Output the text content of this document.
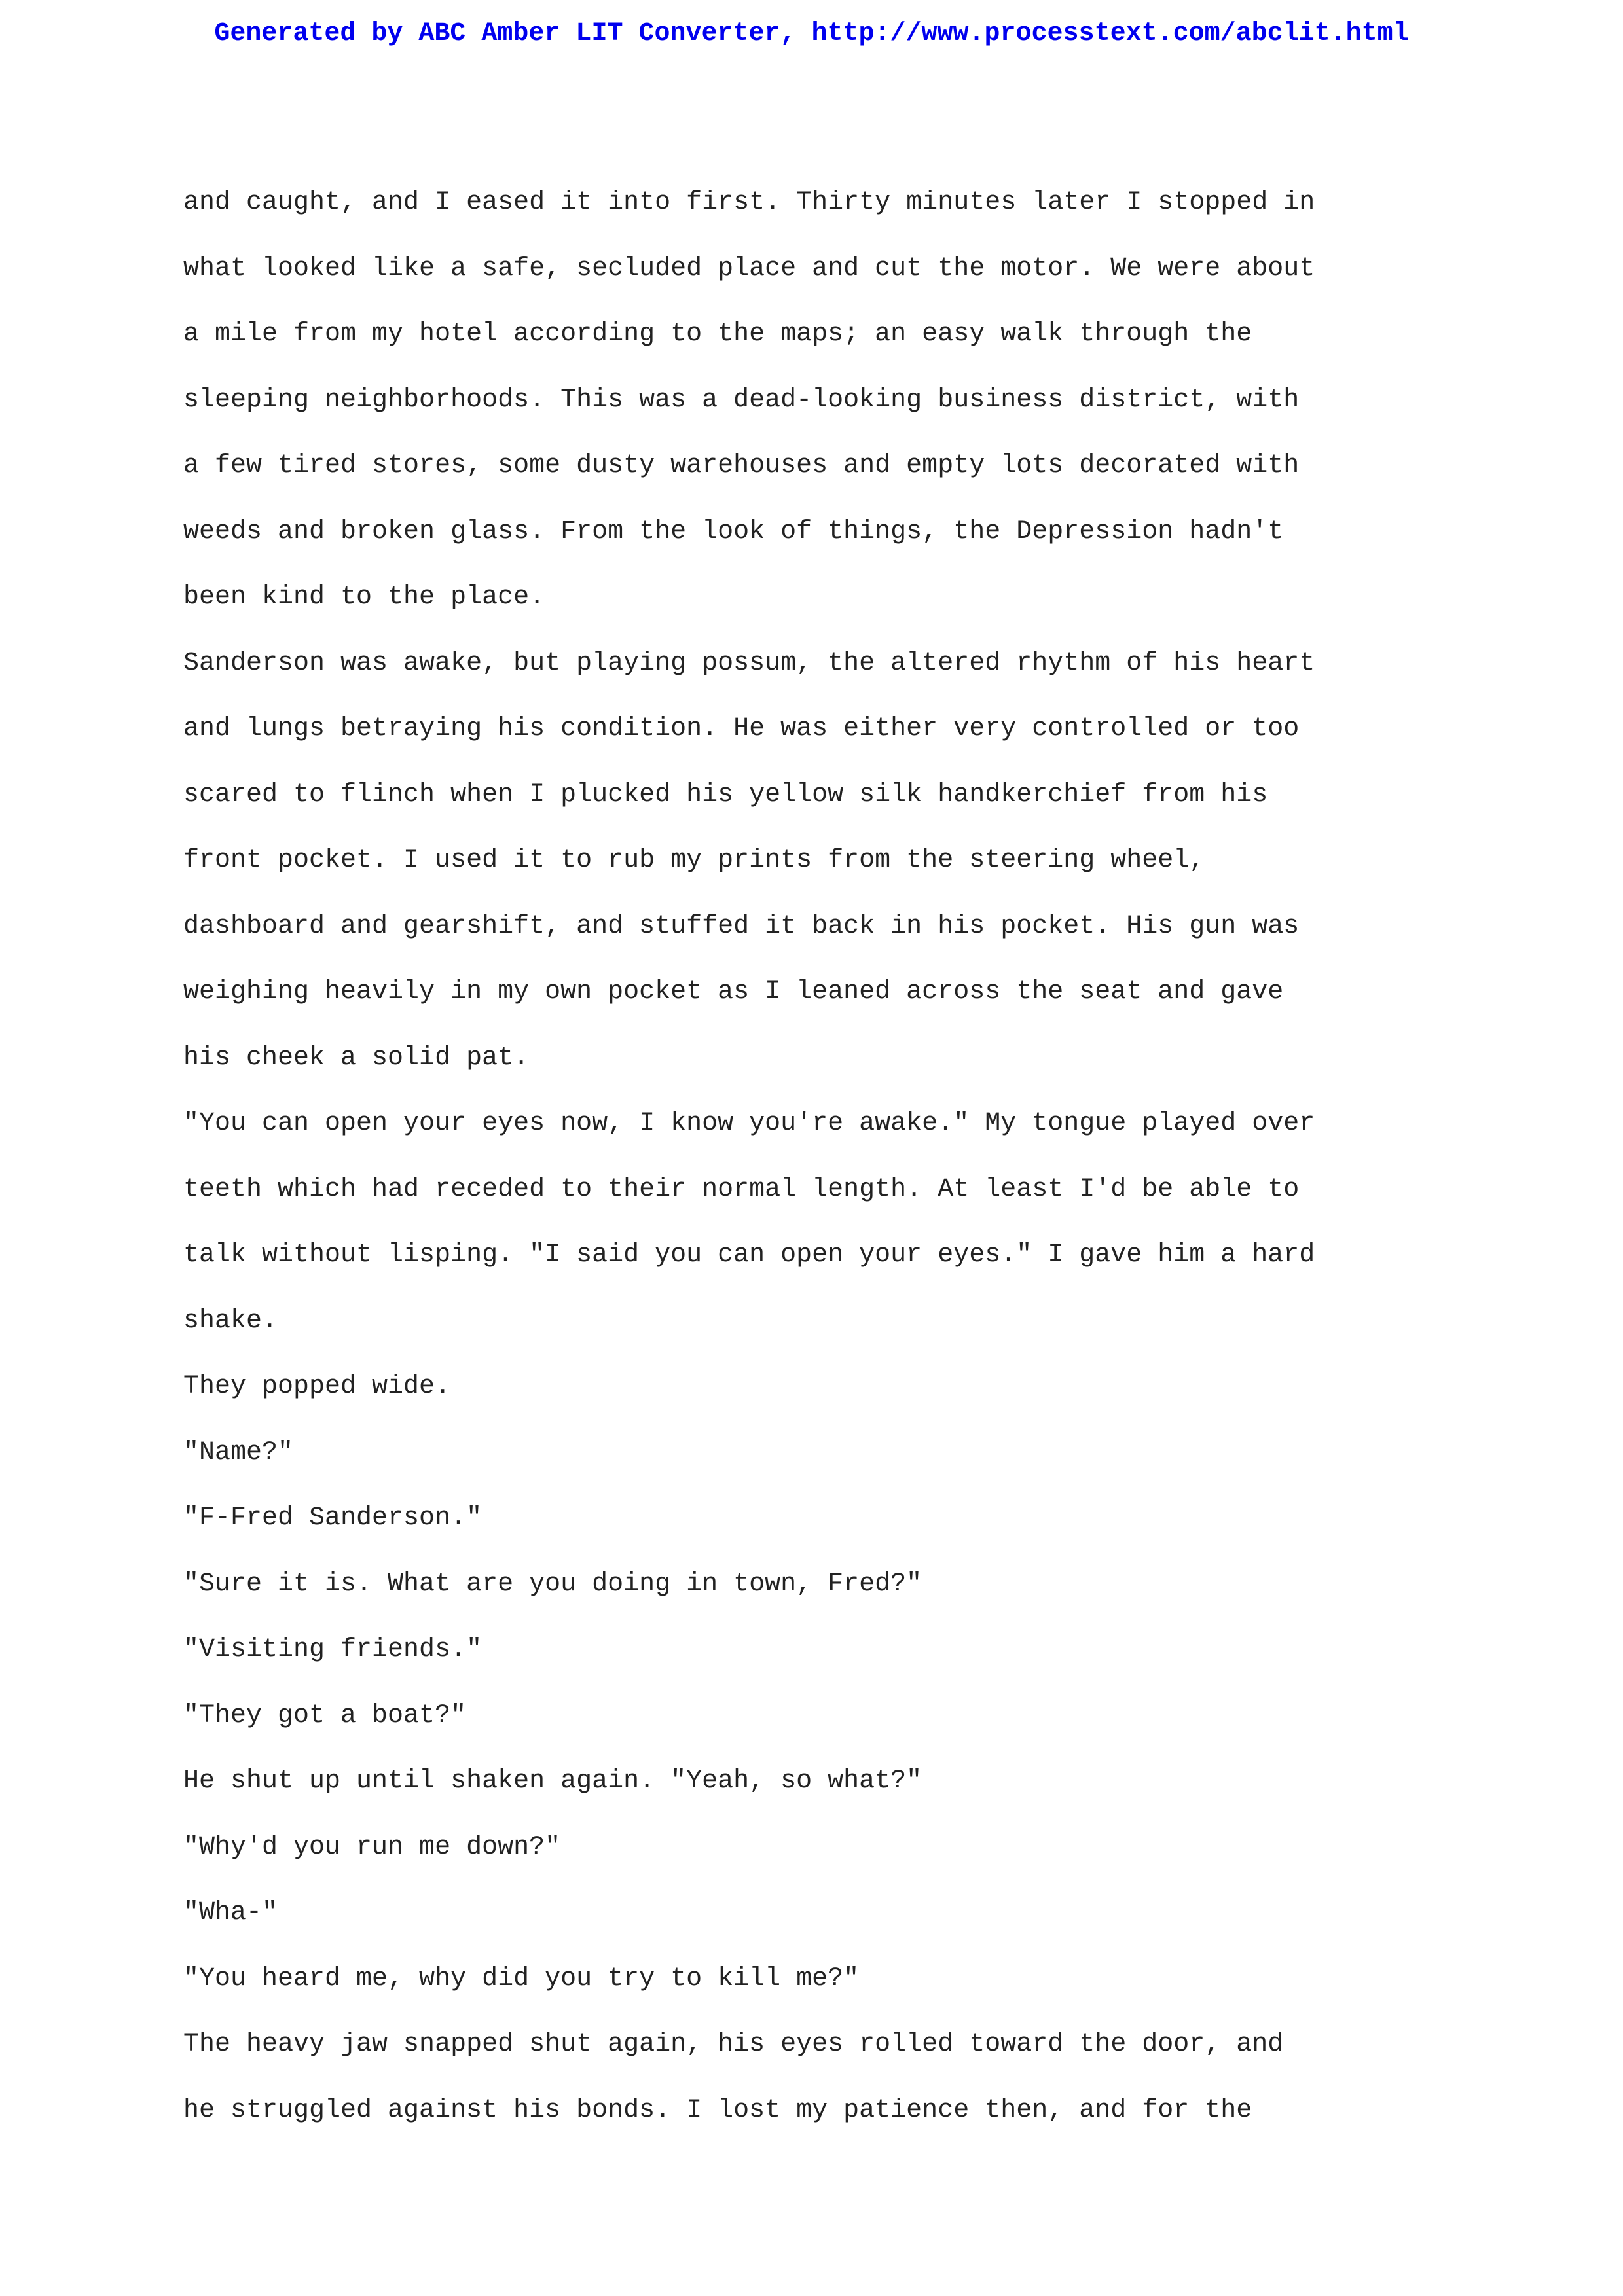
Generated by ABC Amber LIT Converter, http://www.processtext.com/abclit.html

and caught, and I eased it into first. Thirty minutes later I stopped in

what looked like a safe, secluded place and cut the motor. We were about

a mile from my hotel according to the maps; an easy walk through the

sleeping neighborhoods. This was a dead-looking business district, with

a few tired stores, some dusty warehouses and empty lots decorated with

weeds and broken glass. From the look of things, the Depression hadn't

been kind to the place.

Sanderson was awake, but playing possum, the altered rhythm of his heart

and lungs betraying his condition. He was either very controlled or too

scared to flinch when I plucked his yellow silk handkerchief from his

front pocket. I used it to rub my prints from the steering wheel,

dashboard and gearshift, and stuffed it back in his pocket. His gun was

weighing heavily in my own pocket as I leaned across the seat and gave

his cheek a solid pat.

"You can open your eyes now, I know you're awake." My tongue played over

teeth which had receded to their normal length. At least I'd be able to

talk without lisping. "I said you can open your eyes." I gave him a hard

shake.

They popped wide.

"Name?"

"F-Fred Sanderson."

"Sure it is. What are you doing in town, Fred?"

"Visiting friends."

"They got a boat?"

He shut up until shaken again. "Yeah, so what?"

"Why'd you run me down?"

"Wha-"

"You heard me, why did you try to kill me?"

The heavy jaw snapped shut again, his eyes rolled toward the door, and

he struggled against his bonds. I lost my patience then, and for the
